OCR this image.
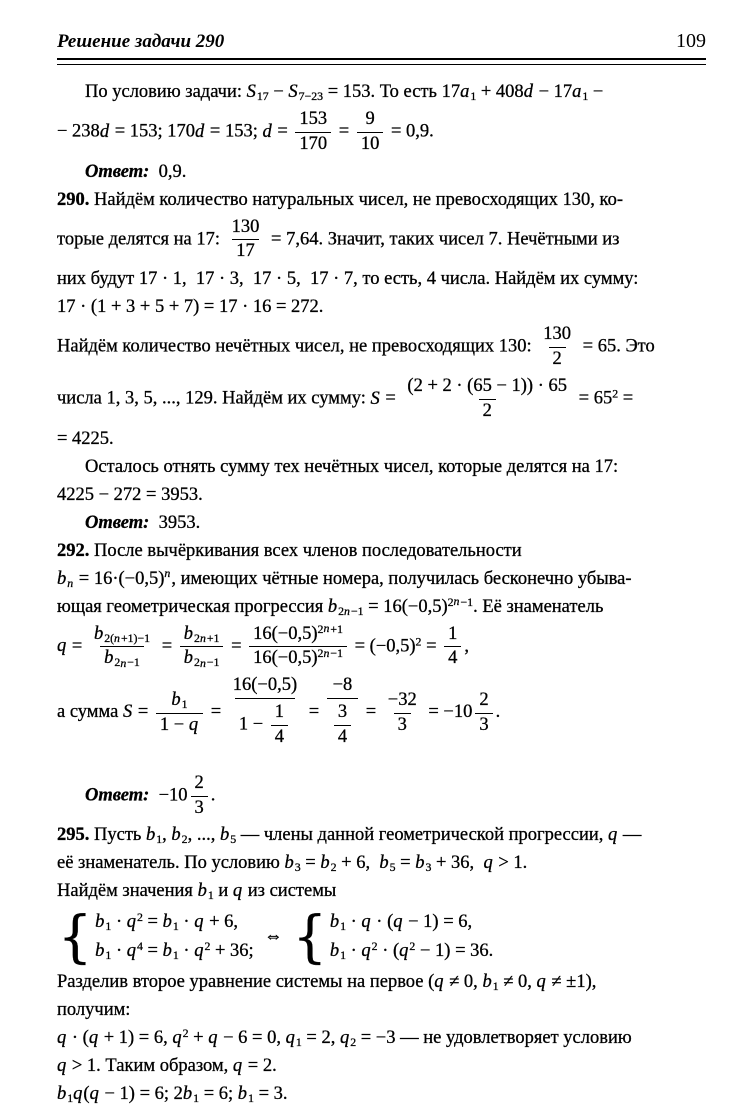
Решение задачи 290	109
По условию задачи: $S_{17} - S_{7-23} = 153$. То есть $17a_1 + 408d - 17a_1$ −
− 238d = 153; 170d = 153; $d = \frac{153}{170} = \frac{9}{10} = 0,9$.
Ответ:  0,9.
290. Найдём количество натуральных чисел, не превосходящих 130, ко-
торые делятся на 17: $\frac{130}{17} = 7,64$. Значит, таких чисел 7. Нечётными из
них будут 17 · 1,  17 · 3,  17 · 5,  17 · 7, то есть, 4 числа. Найдём их сумму:
17 · (1 + 3 + 5 + 7) = 17 · 16 = 272.
Найдём количество нечётных чисел, не превосходящих 130: $\frac{130}{2} = 65$. Это
числа 1, 3, 5, ..., 129. Найдём их сумму: $S = \frac{(2 + 2 \cdot (65 - 1)) \cdot 65}{2} = 65^2$ =
= 4225.
Осталось отнять сумму тех нечётных чисел, которые делятся на 17:
4225 − 272 = 3953.
Ответ:  3953.
292. После вычёркивания всех членов последовательности
$b_n = 16\cdot(-0,5)^n$, имеющих чётные номера, получилась бесконечно убыва-
ющая геометрическая прогрессия $b_{2n-1} = 16(-0,5)^{2n-1}$. Её знаменатель
$q = \frac{b_{2(n+1)-1}}{b_{2n-1}} = \frac{b_{2n+1}}{b_{2n-1}} = \frac{16(-0,5)^{2n+1}}{16(-0,5)^{2n-1}} = (-0,5)^2 = \frac{1}{4}$ ,
а сумма $S = \frac{b_1}{1 - q} = \frac{16(-0,5)}{1 - \frac{1}{4}} = \frac{-8}{\frac{3}{4}} = \frac{-32}{3} = -10 \frac{2}{3}$ .
Ответ:  $-10 \frac{2}{3}$ .
295. Пусть $b_1$, $b_2$, ..., $b_5$ — члены данной геометрической прогрессии, q —
её знаменатель. По условию $b_3 = b_2 + 6$,  $b_5 = b_3 + 36$,  q > 1.
Найдём значения $b_1$ и q из системы
{ $b_1 \cdot q^2 = b_1 \cdot q + 6$,
$b_1 \cdot q^4 = b_1 \cdot q^2 + 36$;
⇔ { $b_1 \cdot q \cdot (q - 1) = 6$,
$b_1 \cdot q^2 \cdot (q^2 - 1) = 36$.
Разделив второе уравнение системы на первое (q ≠ 0, $b_1 \ne 0$, q ≠ ±1),
получим:
q · (q + 1) = 6, $q^2 + q - 6 = 0$, $q_1 = 2$, $q_2 = -3$ — не удовлетворяет условию
q > 1. Таким образом, q = 2.
$b_1q(q - 1) = 6$; $2b_1 = 6$; $b_1 = 3$.
